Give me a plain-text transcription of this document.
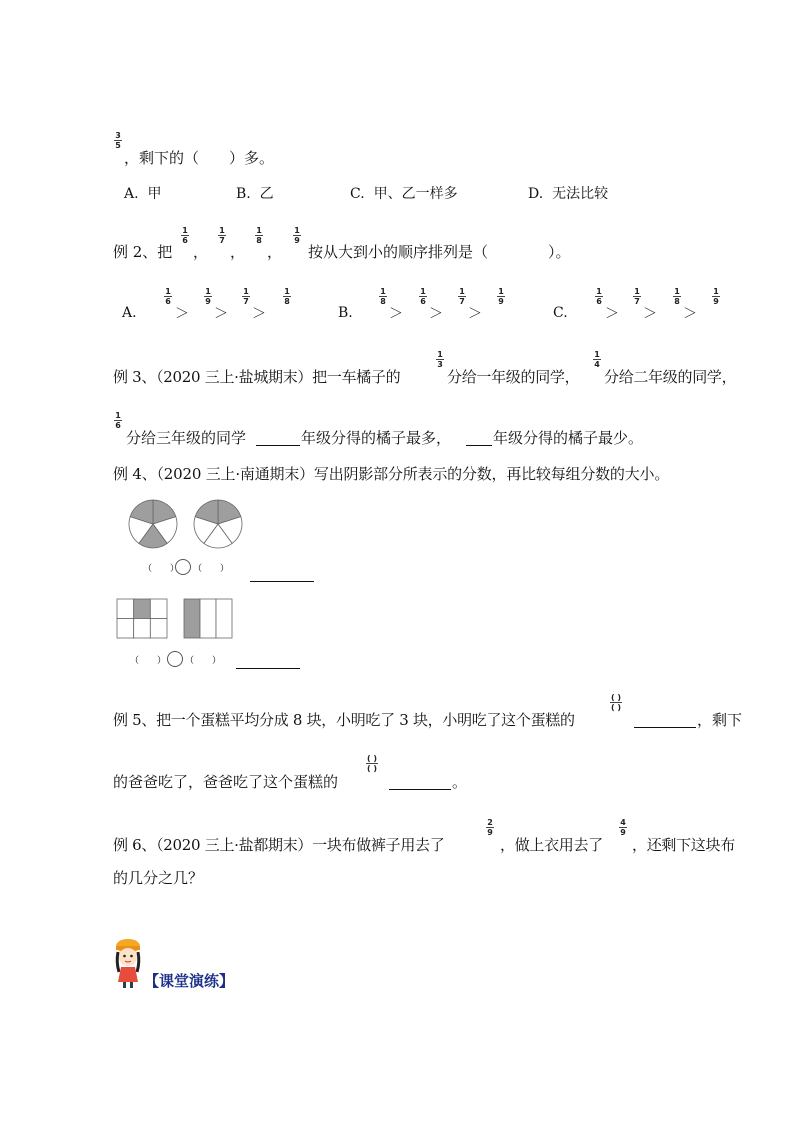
3
5
，剩下的（　　）多。
A. 甲	B. 乙	C. 甲、乙一样多	D. 无法比较
例 2、把
1
6
，
1
7
，
1
8
，
1
9
按从大到小的顺序排列是（　　　　）。
A.
1
6
＞
1
9
＞
1
7
＞
1
8
B.
1
8
＞
1
6
＞
1
7
＞
1
9
C.
1
6
＞
1
7
＞
1
8
＞
1
9
例 3、（2020 三上·盐城期末）把一车橘子的
1
3
分给一年级的同学，
1
4
分给二年级的同学，
1
6
分给三年级的同学	年级分得的橘子最多，	年级分得的橘子最少。
例 4、（2020 三上·南通期末）写出阴影部分所表示的分数，再比较每组分数的大小。
（　　） （　　）
（　　） （　　）
例 5、把一个蛋糕平均分成 8 块，小明吃了 3 块，小明吃了这个蛋糕的
( )
( )
，剩下
的爸爸吃了，爸爸吃了这个蛋糕的
( )
( )
。
例 6、（2020 三上·盐都期末）一块布做裤子用去了
2
9
，做上衣用去了
4
9
，还剩下这块布
的几分之几？
【课堂演练】
